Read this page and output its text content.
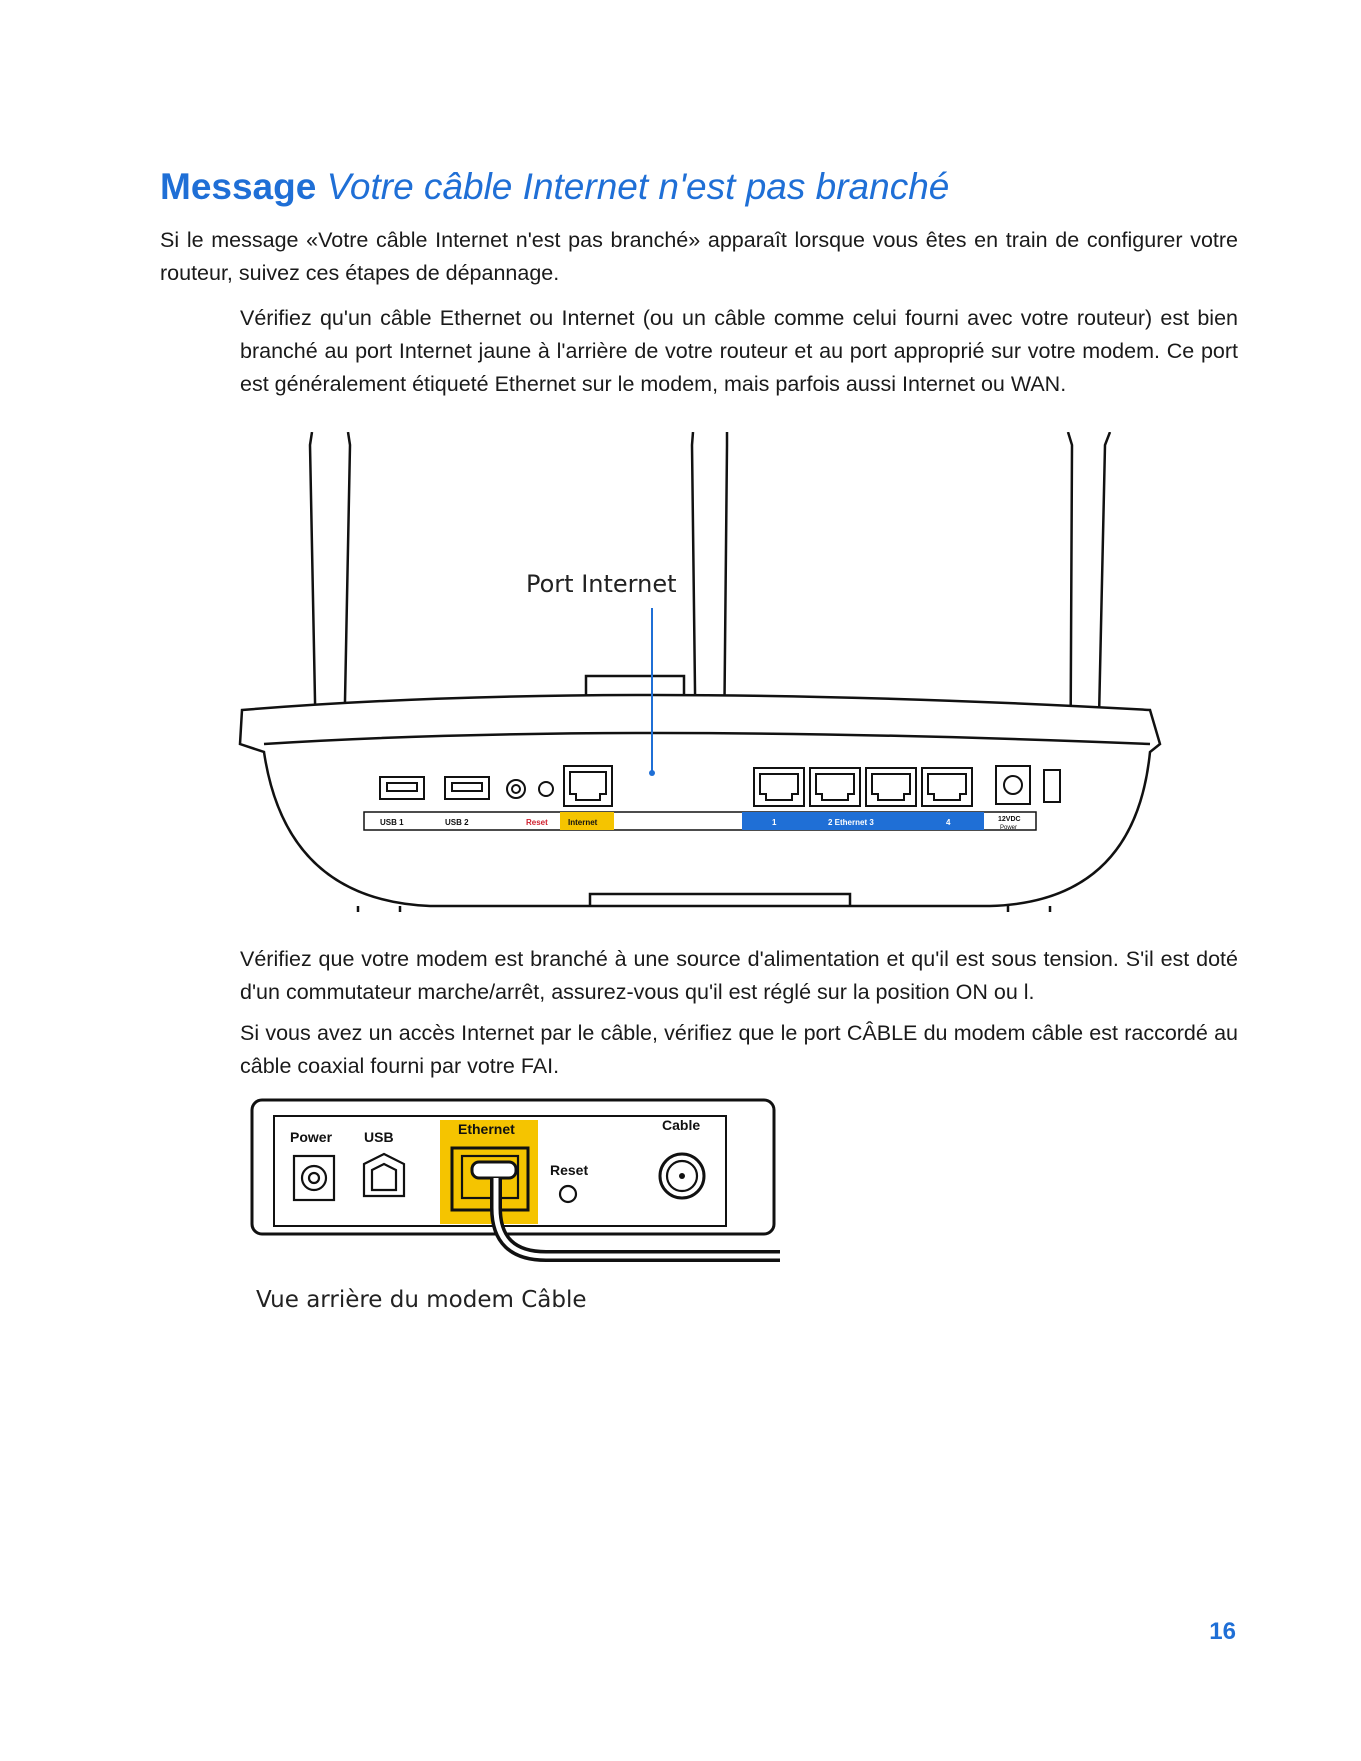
Message Votre câble Internet n'est pas branché

Si le message «Votre câble Internet n'est pas branché» apparaît lorsque vous êtes en train de configurer votre routeur, suivez ces étapes de dépannage.

Vérifiez qu'un câble Ethernet ou Internet (ou un câble comme celui fourni avec votre routeur) est bien branché au port Internet jaune à l'arrière de votre routeur et au port approprié sur votre modem. Ce port est généralement étiqueté Ethernet sur le modem, mais parfois aussi Internet ou WAN.

USB 1	USB 2	Reset	Internet	1	2 Ethernet 3	4	12VDC
Power
Port Internet

Vérifiez que votre modem est branché à une source d'alimentation et qu'il est sous tension. S'il est doté d'un commutateur marche/arrêt, assurez-vous qu'il est réglé sur la position ON ou l.

Si vous avez un accès Internet par le câble, vérifiez que le port CÂBLE du modem câble est raccordé au câble coaxial fourni par votre FAI.

Power USB	Ethernet
Reset
Cable
Vue arrière du modem Câble
16
